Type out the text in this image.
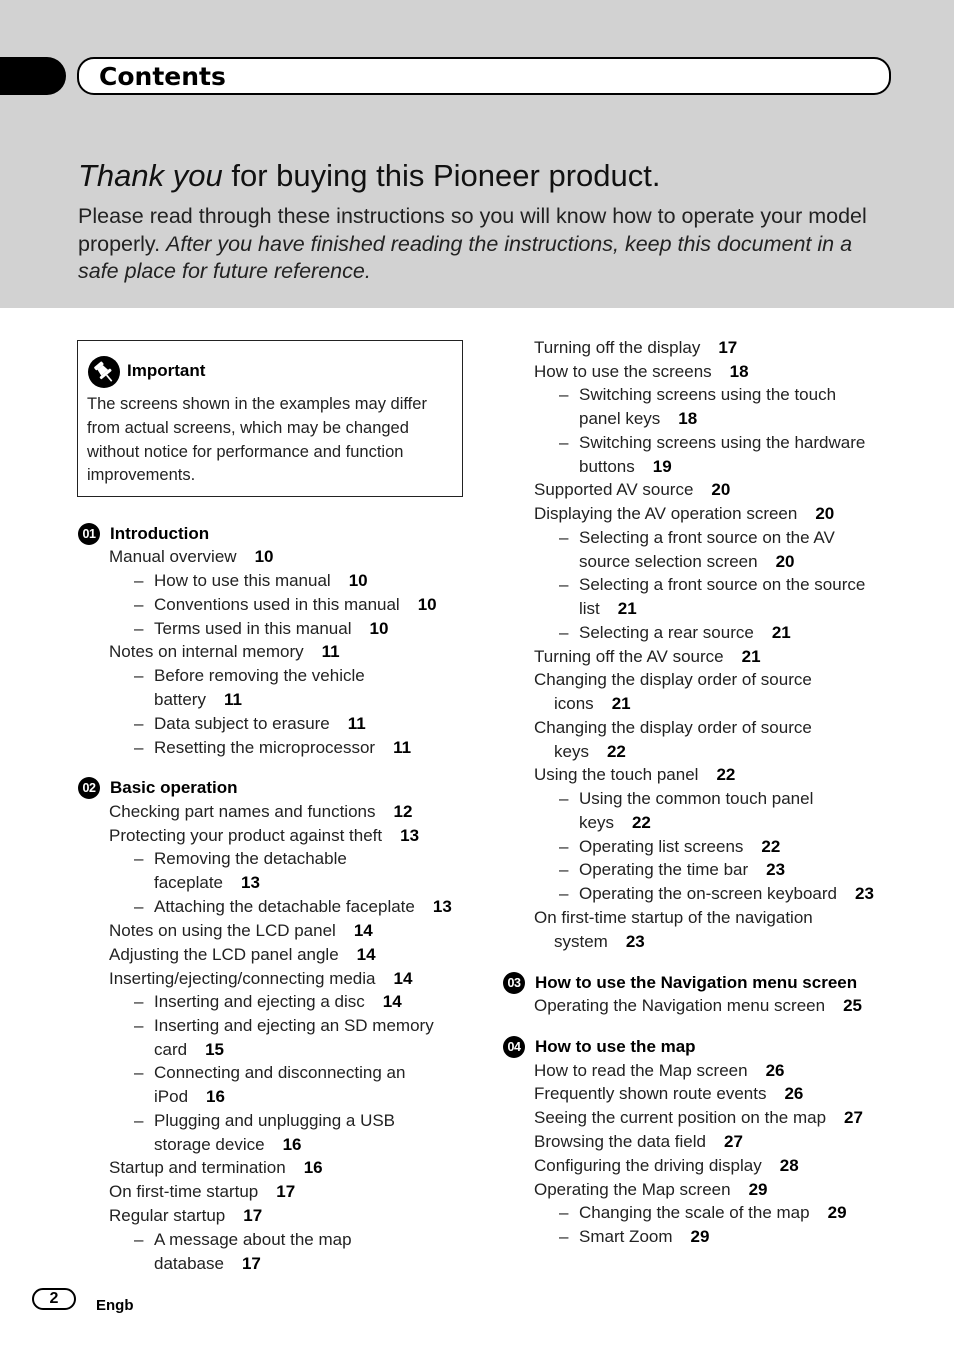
Contents
Thank you for buying this Pioneer product.

Please read through these instructions so you will know how to operate your model properly. After you have finished reading the instructions, keep this document in a safe place for future reference.

Important

The screens shown in the examples may differ from actual screens, which may be changed without notice for performance and function improvements.

01 Introduction
02 Basic operation
03 How to use the Navigation menu screen
04 How to use the map
Manual overview 10
– How to use this manual 10
– Conventions used in this manual 10
– Terms used in this manual 10
Notes on internal memory 11
– Before removing the vehicle
battery 11
– Data subject to erasure 11
– Resetting the microprocessor 11
Checking part names and functions 12
Protecting your product against theft 13
– Removing the detachable
faceplate 13
– Attaching the detachable faceplate 13
Notes on using the LCD panel 14
Adjusting the LCD panel angle 14
Inserting/ejecting/connecting media 14
– Inserting and ejecting a disc 14
– Inserting and ejecting an SD memory
card 15
– Connecting and disconnecting an
iPod 16
– Plugging and unplugging a USB
storage device 16
Startup and termination 16
On first-time startup 17
Regular startup 17
– A message about the map
database 17
Turning off the display 17
How to use the screens 18
– Switching screens using the touch
panel keys 18
– Switching screens using the hardware
buttons 19
Supported AV source 20
Displaying the AV operation screen 20
– Selecting a front source on the AV
source selection screen 20
– Selecting a front source on the source
list 21
– Selecting a rear source 21
Turning off the AV source 21
Changing the display order of source
icons 21
Changing the display order of source
keys 22
Using the touch panel 22
– Using the common touch panel
keys 22
– Operating list screens 22
– Operating the time bar 23
– Operating the on-screen keyboard 23
On first-time startup of the navigation
system 23
Operating the Navigation menu screen 25
How to read the Map screen 26
Frequently shown route events 26
Seeing the current position on the map 27
Browsing the data field 27
Configuring the driving display 28
Operating the Map screen 29
– Changing the scale of the map 29
– Smart Zoom 29
2	Engb
